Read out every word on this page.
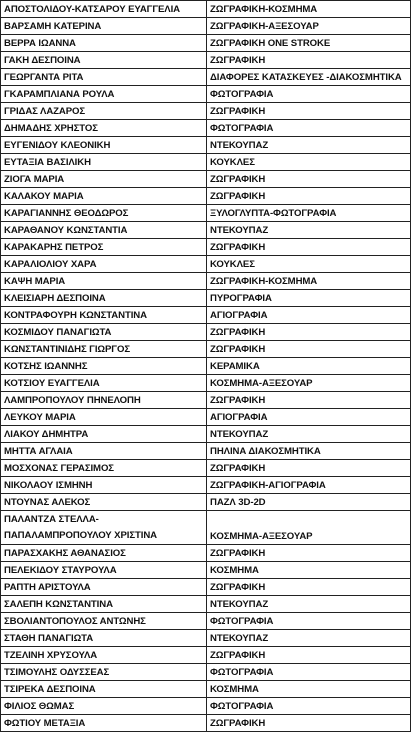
ΑΠΟΣΤΟΛΙΔΟΥ-ΚΑΤΣΑΡΟΥ ΕΥΑΓΓΕΛΙΑ	ΖΩΓΡΑΦΙΚΗ-ΚΟΣΜΗΜΑ
ΒΑΡΣΑΜΗ ΚΑΤΕΡΙΝΑ	ΖΩΓΡΑΦΙΚΗ-ΑΞΕΣΟΥΑΡ
ΒΕΡΡΑ ΙΩΑΝΝΑ	ΖΩΓΡΑΦΙΚΗ ONE STROKE
ΓΑΚΗ ΔΕΣΠΟΙΝΑ	ΖΩΓΡΑΦΙΚΗ
ΓΕΩΡΓΑΝΤΑ ΡΙΤΑ	ΔΙΑΦΟΡΕΣ ΚΑΤΑΣΚΕΥΕΣ -ΔΙΑΚΟΣΜΗΤΙΚΑ
ΓΚΑΡΑΜΠΛΙΑΝΑ ΡΟΥΛΑ	ΦΩΤΟΓΡΑΦΙΑ
ΓΡΙΔΑΣ ΛΑΖΑΡΟΣ	ΖΩΓΡΑΦΙΚΗ
ΔΗΜΑΔΗΣ ΧΡΗΣΤΟΣ	ΦΩΤΟΓΡΑΦΙΑ
ΕΥΓΕΝΙΔΟΥ ΚΛΕΟΝΙΚΗ	ΝΤΕΚΟΥΠΑΖ
ΕΥΤΑΞΙΑ ΒΑΣΙΛΙΚΗ	ΚΟΥΚΛΕΣ
ΖΙΟΓΑ ΜΑΡΙΑ	ΖΩΓΡΑΦΙΚΗ
ΚΑΛΑΚΟΥ ΜΑΡΙΑ	ΖΩΓΡΑΦΙΚΗ
ΚΑΡΑΓΙΑΝΝΗΣ ΘΕΟΔΩΡΟΣ	ΞΥΛΟΓΛΥΠΤΑ-ΦΩΤΟΓΡΑΦΙΑ
ΚΑΡΑΘΑΝΟΥ ΚΩΝΣΤΑΝΤΙΑ	ΝΤΕΚΟΥΠΑΖ
ΚΑΡΑΚΑΡΗΣ ΠΕΤΡΟΣ	ΖΩΓΡΑΦΙΚΗ
ΚΑΡΑΛΙΟΛΙΟΥ ΧΑΡΑ	ΚΟΥΚΛΕΣ
ΚΑΨΗ ΜΑΡΙΑ	ΖΩΓΡΑΦΙΚΗ-ΚΟΣΜΗΜΑ
ΚΛΕΙΣΙΑΡΗ ΔΕΣΠΟΙΝΑ	ΠΥΡΟΓΡΑΦΙΑ
ΚΟΝΤΡΑΦΟΥΡΗ ΚΩΝΣΤΑΝΤΙΝΑ	ΑΓΙΟΓΡΑΦΙΑ
ΚΟΣΜΙΔΟΥ ΠΑΝΑΓΙΩΤΑ	ΖΩΓΡΑΦΙΚΗ
ΚΩΝΣΤΑΝΤΙΝΙΔΗΣ ΓΙΩΡΓΟΣ	ΖΩΓΡΑΦΙΚΗ
ΚΟΤΣΗΣ ΙΩΑΝΝΗΣ	ΚΕΡΑΜΙΚΑ
ΚΟΤΣΙΟΥ ΕΥΑΓΓΕΛΙΑ	ΚΟΣΜΗΜΑ-ΑΞΕΣΟΥΑΡ
ΛΑΜΠΡΟΠΟΥΛΟΥ ΠΗΝΕΛΟΠΗ	ΖΩΓΡΑΦΙΚΗ
ΛΕΥΚΟΥ ΜΑΡΙΑ	ΑΓΙΟΓΡΑΦΙΑ
ΛΙΑΚΟΥ ΔΗΜΗΤΡΑ	ΝΤΕΚΟΥΠΑΖ
ΜΗΤΤΑ ΑΓΛΑΙΑ	ΠΗΛΙΝΑ ΔΙΑΚΟΣΜΗΤΙΚΑ
ΜΟΣΧΟΝΑΣ ΓΕΡΑΣΙΜΟΣ	ΖΩΓΡΑΦΙΚΗ
ΝΙΚΟΛΑΟΥ ΙΣΜΗΝΗ	ΖΩΓΡΑΦΙΚΗ-ΑΓΙΟΓΡΑΦΙΑ
ΝΤΟΥΝΑΣ ΑΛΕΚΟΣ	ΠΑΖΛ 3D-2D
ΠΑΛΑΝΤΖΑ ΣΤΕΛΛΑ-ΠΑΠΑΛΑΜΠΡΟΠΟΥΛΟΥ ΧΡΙΣΤΙΝΑ	ΚΟΣΜΗΜΑ-ΑΞΕΣΟΥΑΡ
ΠΑΡΑΣΧΑΚΗΣ ΑΘΑΝΑΣΙΟΣ	ΖΩΓΡΑΦΙΚΗ
ΠΕΛΕΚΙΔΟΥ ΣΤΑΥΡΟΥΛΑ	ΚΟΣΜΗΜΑ
ΡΑΠΤΗ ΑΡΙΣΤΟΥΛΑ	ΖΩΓΡΑΦΙΚΗ
ΣΑΛΕΠΗ ΚΩΝΣΤΑΝΤΙΝΑ	ΝΤΕΚΟΥΠΑΖ
ΣΒΟΛΙΑΝΤΟΠΟΥΛΟΣ ΑΝΤΩΝΗΣ	ΦΩΤΟΓΡΑΦΙΑ
ΣΤΑΘΗ ΠΑΝΑΓΙΩΤΑ	ΝΤΕΚΟΥΠΑΖ
ΤΖΕΛΙΝΗ ΧΡΥΣΟΥΛΑ	ΖΩΓΡΑΦΙΚΗ
ΤΣΙΜΟΥΛΗΣ ΟΔΥΣΣΕΑΣ	ΦΩΤΟΓΡΑΦΙΑ
ΤΣΙΡΕΚΑ ΔΕΣΠΟΙΝΑ	ΚΟΣΜΗΜΑ
ΦΙΛΙΟΣ ΘΩΜΑΣ	ΦΩΤΟΓΡΑΦΙΑ
ΦΩΤΙΟΥ ΜΕΤΑΞΙΑ	ΖΩΓΡΑΦΙΚΗ
